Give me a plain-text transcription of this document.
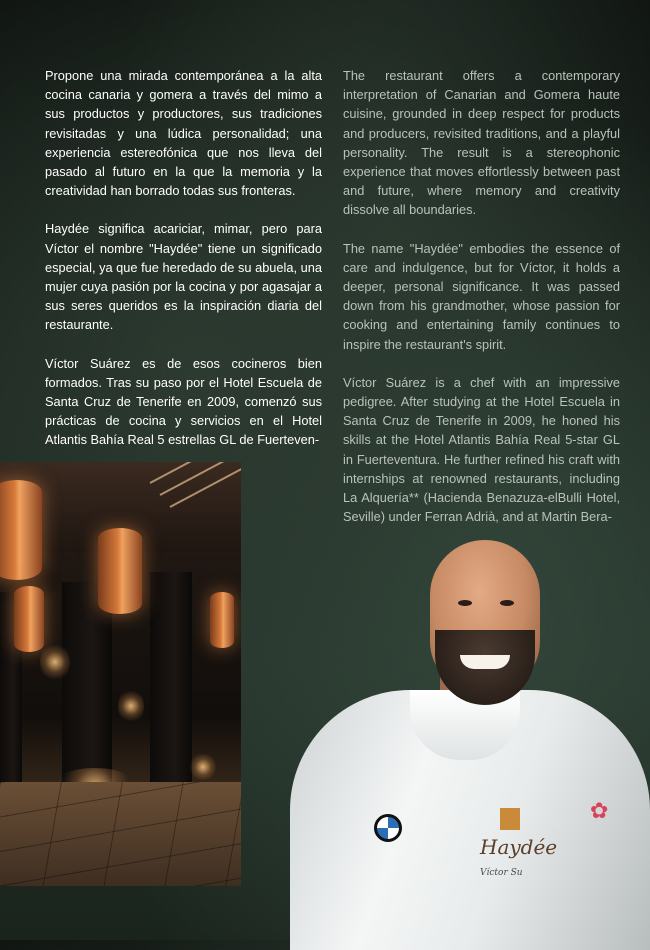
Propone una mirada contemporánea a la alta cocina canaria y gomera a través del mimo a sus productos y productores, sus tradiciones revisitadas y una lúdica personalidad; una experiencia estereofónica que nos lleva del pasado al futuro en la que la memoria y la creatividad han borrado todas sus fronteras.

Haydée significa acariciar, mimar, pero para Víctor el nombre "Haydée" tiene un significado especial, ya que fue heredado de su abuela, una mujer cuya pasión por la cocina y por agasajar a sus seres queridos es la inspiración diaria del restaurante.

Víctor Suárez es de esos cocineros bien formados. Tras su paso por el Hotel Escuela de Santa Cruz de Tenerife en 2009, comenzó sus prácticas de cocina y servicios en el Hotel Atlantis Bahía Real 5 estrellas GL de Fuerteven-

The restaurant offers a contemporary interpretation of Canarian and Gomera haute cuisine, grounded in deep respect for products and producers, revisited traditions, and a playful personality. The result is a stereophonic experience that moves effortlessly between past and future, where memory and creativity dissolve all boundaries.

The name "Haydée" embodies the essence of care and indulgence, but for Víctor, it holds a deeper, personal significance. It was passed down from his grandmother, whose passion for cooking and entertaining family continues to inspire the restaurant's spirit.

Víctor Suárez is a chef with an impressive pedigree. After studying at the Hotel Escuela in Santa Cruz de Tenerife in 2009, he honed his skills at the Hotel Atlantis Bahía Real 5-star GL in Fuerteventura. He further refined his craft with internships at renowned restaurants, including La Alquería** (Hacienda Benazuza-elBulli Hotel, Seville) under Ferran Adrià, and at Martin Bera-

Haydée
Víctor Su
✿
